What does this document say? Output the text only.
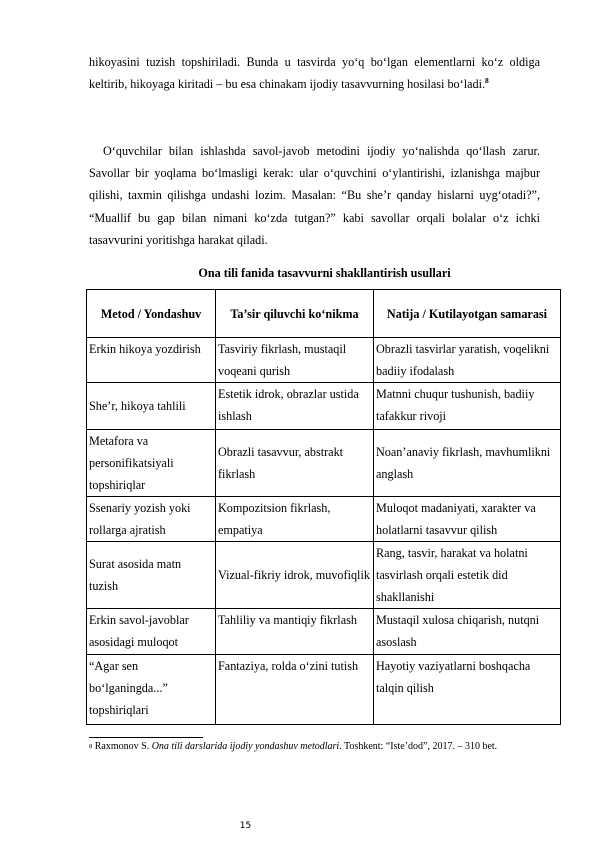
hikoyasini tuzish topshiriladi. Bunda u tasvirda yo‘q bo‘lgan elementlarni ko‘z oldiga keltirib, hikoyaga kiritadi – bu esa chinakam ijodiy tasavvurning hosilasi bo‘ladi.$^8$

O‘quvchilar bilan ishlashda savol-javob metodini ijodiy yo‘nalishda qo‘llash zarur. Savollar bir yoqlama bo‘lmasligi kerak: ular o‘quvchini o‘ylantirishi, izlanishga majbur qilishi, taxmin qilishga undashi lozim. Masalan: “Bu she’r qanday hislarni uyg‘otadi?”, “Muallif bu gap bilan nimani ko‘zda tutgan?” kabi savollar orqali bolalar o‘z ichki tasavvurini yoritishga harakat qiladi.

Ona tili fanida tasavvurni shakllantirish usullari
Metod / Yondashuv	Ta’sir qiluvchi ko‘nikma	Natija / Kutilayotgan samarasi
Erkin hikoya yozdirish	Tasviriy fikrlash, mustaqil voqeani qurish	Obrazli tasvirlar yaratish, voqelikni badiiy ifodalash
She’r, hikoya tahlili	Estetik idrok, obrazlar ustida ishlash	Matnni chuqur tushunish, badiiy tafakkur rivoji
Metafora va personifikatsiyali topshiriqlar	Obrazli tasavvur, abstrakt fikrlash	Noan’anaviy fikrlash, mavhumlikni anglash
Ssenariy yozish yoki rollarga ajratish	Kompozitsion fikrlash, empatiya	Muloqot madaniyati, xarakter va holatlarni tasavvur qilish
Surat asosida matn tuzish	Vizual-fikriy idrok, muvofiqlik	Rang, tasvir, harakat va holatni tasvirlash orqali estetik did shakllanishi
Erkin savol-javoblar asosidagi muloqot	Tahliliy va mantiqiy fikrlash	Mustaqil xulosa chiqarish, nutqni asoslash
“Agar sen bo‘lganingda...” topshiriqlari	Fantaziya, rolda o‘zini tutish	Hayotiy vaziyatlarni boshqacha talqin qilish

$^8$ Raxmonov S. Ona tili darslarida ijodiy yondashuv metodlari. Toshkent: “Iste’dod”, 2017. – 310 bet.

15
